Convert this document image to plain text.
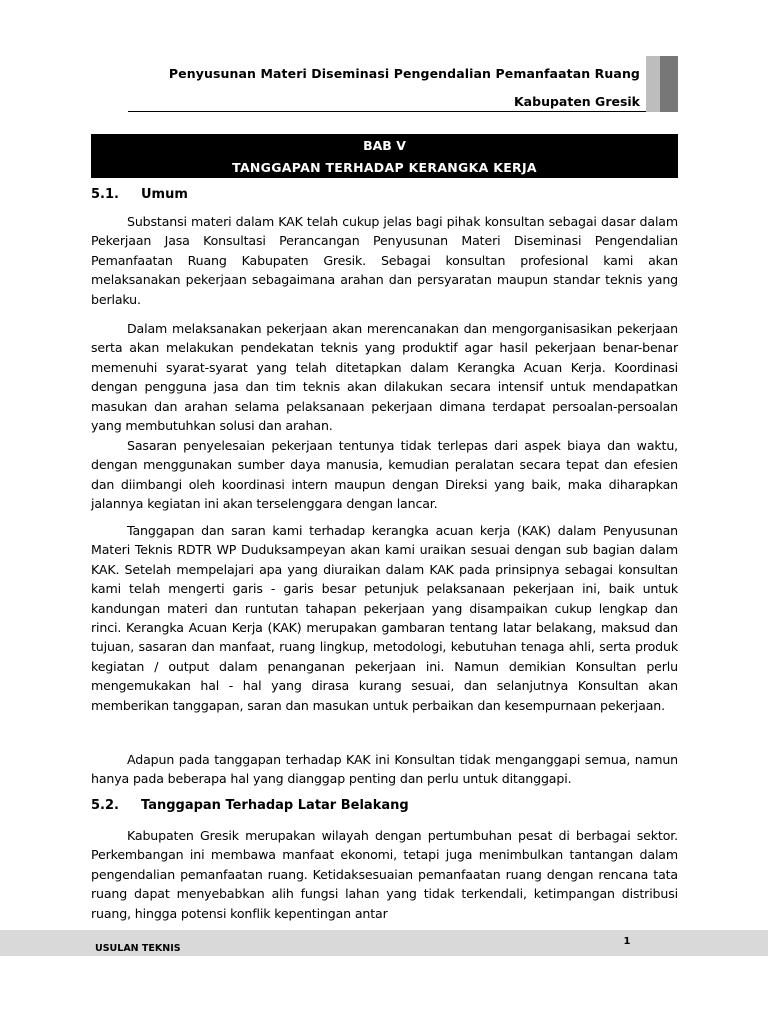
Penyusunan Materi Diseminasi Pengendalian Pemanfaatan Ruang
Kabupaten Gresik
BAB V
TANGGAPAN TERHADAP KERANGKA KERJA
5.1. Umum

Substansi materi dalam KAK telah cukup jelas bagi pihak konsultan sebagai dasar dalam Pekerjaan Jasa Konsultasi Perancangan Penyusunan Materi Diseminasi Pengendalian Pemanfaatan Ruang Kabupaten Gresik. Sebagai konsultan profesional kami akan melaksanakan pekerjaan sebagaimana arahan dan persyaratan maupun standar teknis yang berlaku.

Dalam melaksanakan pekerjaan akan merencanakan dan mengorganisasikan pekerjaan serta akan melakukan pendekatan teknis yang produktif agar hasil pekerjaan benar-benar memenuhi syarat-syarat yang telah ditetapkan dalam Kerangka Acuan Kerja. Koordinasi dengan pengguna jasa dan tim teknis akan dilakukan secara intensif untuk mendapatkan masukan dan arahan selama pelaksanaan pekerjaan dimana terdapat persoalan-persoalan yang membutuhkan solusi dan arahan.

Sasaran penyelesaian pekerjaan tentunya tidak terlepas dari aspek biaya dan waktu, dengan menggunakan sumber daya manusia, kemudian peralatan secara tepat dan efesien dan diimbangi oleh koordinasi intern maupun dengan Direksi yang baik, maka diharapkan jalannya kegiatan ini akan terselenggara dengan lancar.

Tanggapan dan saran kami terhadap kerangka acuan kerja (KAK) dalam Penyusunan Materi Teknis RDTR WP Duduksampeyan akan kami uraikan sesuai dengan sub bagian dalam KAK. Setelah mempelajari apa yang diuraikan dalam KAK pada prinsipnya sebagai konsultan kami telah mengerti garis - garis besar petunjuk pelaksanaan pekerjaan ini, baik untuk kandungan materi dan runtutan tahapan pekerjaan yang disampaikan cukup lengkap dan rinci. Kerangka Acuan Kerja (KAK) merupakan gambaran tentang latar belakang, maksud dan tujuan, sasaran dan manfaat, ruang lingkup, metodologi, kebutuhan tenaga ahli, serta produk kegiatan / output dalam penanganan pekerjaan ini. Namun demikian Konsultan perlu mengemukakan hal - hal yang dirasa kurang sesuai, dan selanjutnya Konsultan akan memberikan tanggapan, saran dan masukan untuk perbaikan dan kesempurnaan pekerjaan.

Adapun pada tanggapan terhadap KAK ini Konsultan tidak menganggapi semua, namun hanya pada beberapa hal yang dianggap penting dan perlu untuk ditanggapi.

5.2. Tanggapan Terhadap Latar Belakang

Kabupaten Gresik merupakan wilayah dengan pertumbuhan pesat di berbagai sektor. Perkembangan ini membawa manfaat ekonomi, tetapi juga menimbulkan tantangan dalam pengendalian pemanfaatan ruang. Ketidaksesuaian pemanfaatan ruang dengan rencana tata ruang dapat menyebabkan alih fungsi lahan yang tidak terkendali, ketimpangan distribusi ruang, hingga potensi konflik kepentingan antar

USULAN TEKNIS
1
